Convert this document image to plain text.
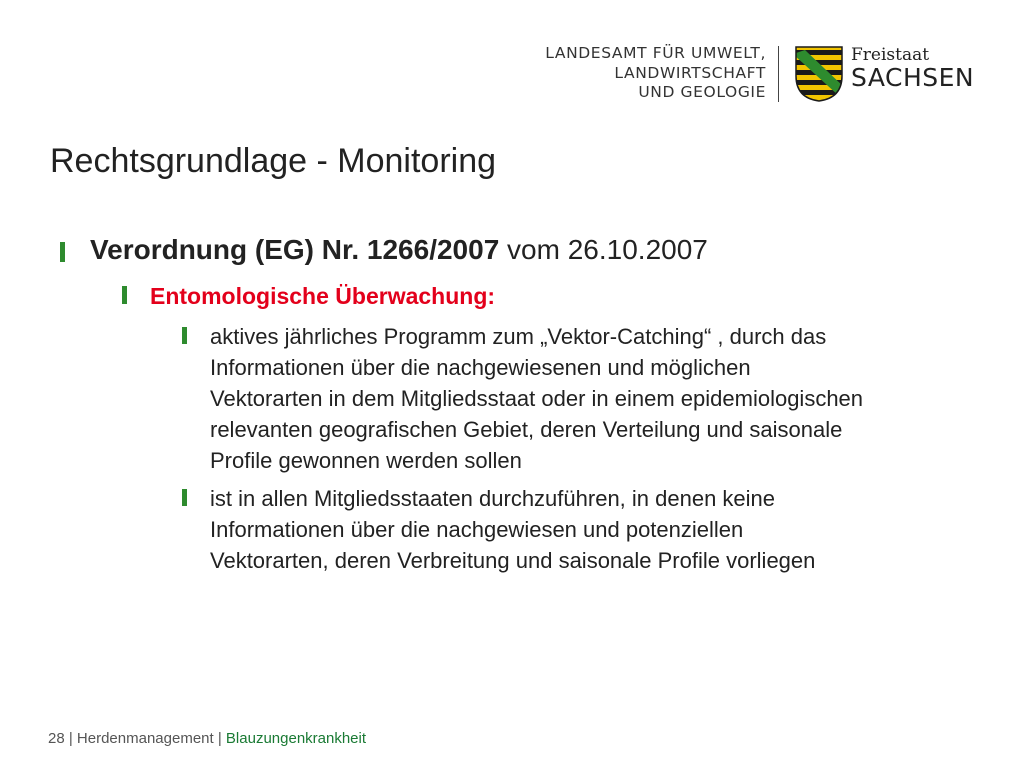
LANDESAMT FÜR UMWELT,
LANDWIRTSCHAFT
UND GEOLOGIE
Freistaat
SACHSEN
Rechtsgrundlage - Monitoring
Verordnung (EG) Nr. 1266/2007 vom 26.10.2007
Entomologische Überwachung:
aktives jährliches Programm zum „Vektor-Catching“ , durch das
Informationen über die nachgewiesenen und möglichen
Vektorarten in dem Mitgliedsstaat oder in einem epidemiologischen
relevanten geografischen Gebiet, deren Verteilung und saisonale
Profile gewonnen werden sollen
ist in allen Mitgliedsstaaten durchzuführen, in denen keine
Informationen über die nachgewiesen und potenziellen
Vektorarten, deren Verbreitung und saisonale Profile vorliegen
28 | Herdenmanagement | Blauzungenkrankheit
